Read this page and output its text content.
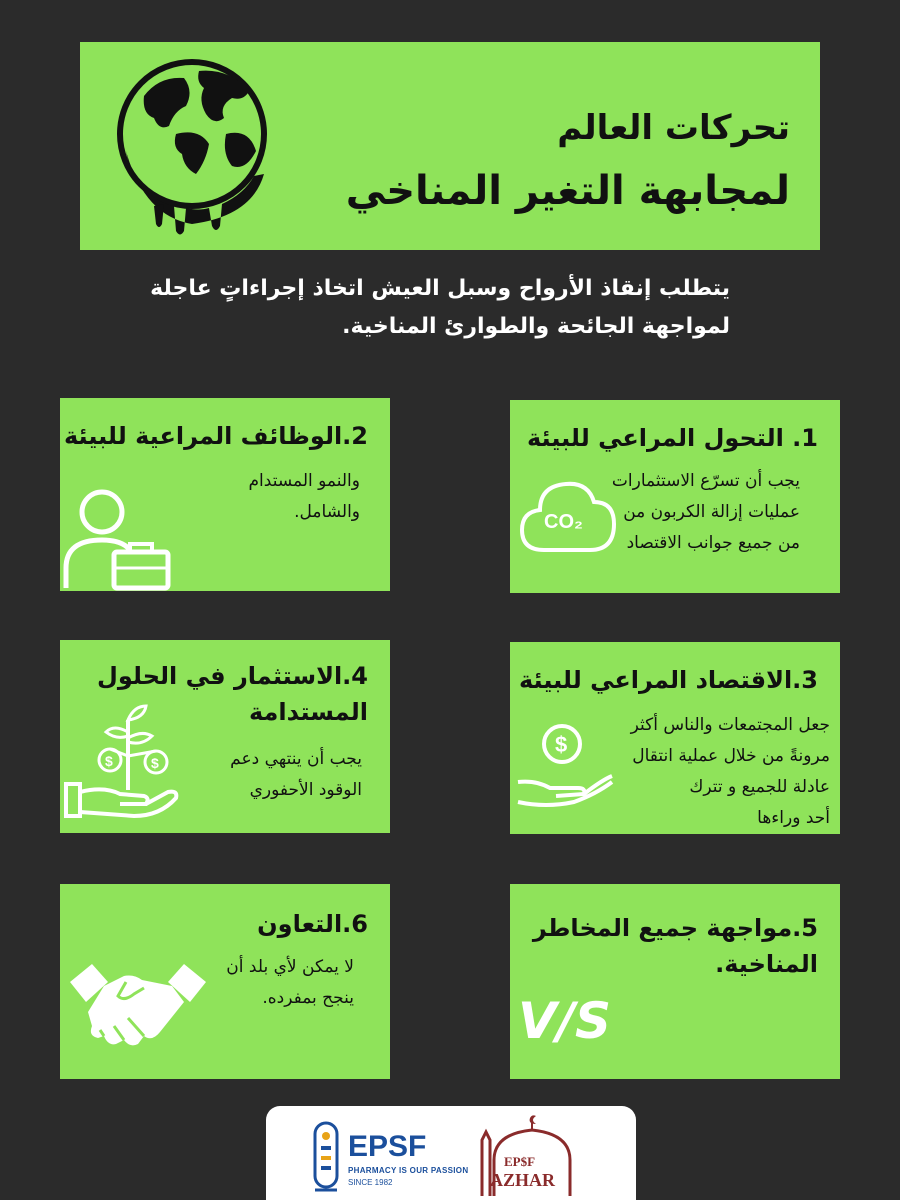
تحركات العالم
لمجابهة التغير المناخي
يتطلب إنقاذ الأرواح وسبل العيش اتخاذ إجراءاتٍ عاجلة
لمواجهة الجائحة والطوارئ المناخية.
1. التحول المراعي للبيئة
يجب أن تسرّع الاستثمارات
عمليات إزالة الكربون من
من جميع جوانب الاقتصاد
CO₂
2.الوظائف المراعية للبيئة
والنمو المستدام
والشامل.
3.الاقتصاد المراعي للبيئة
جعل المجتمعات والناس أكثر
مرونةً من خلال عملية انتقال
عادلة للجميع و تترك
أحد وراءها
$
4.الاستثمار في الحلول
المستدامة
يجب أن ينتهي دعم
الوقود الأحفوري
$	$
5.مواجهة جميع المخاطر
المناخية.
V/S
6.التعاون
لا يمكن لأي بلد أن
ينجح بمفرده.
EPSF
PHARMACY IS OUR PASSION
SINCE 1982
EP$F
AZHAR
